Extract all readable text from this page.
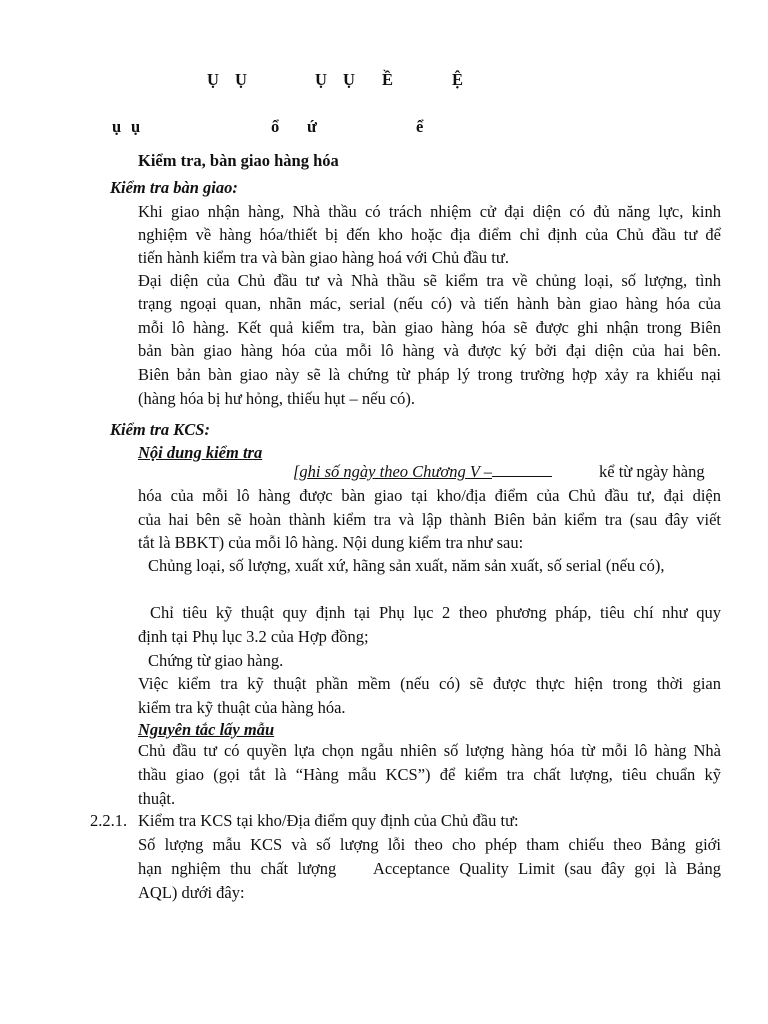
Ụ Ụ	Ụ Ụ Ề	Ệ
ụ ụ	ổ ứ	ể
Kiểm tra, bàn giao hàng hóa
Kiểm tra bàn giao:
Khi giao nhận hàng, Nhà thầu có trách nhiệm cử đại diện có đủ năng lực, kinh
nghiệm về hàng hóa/thiết bị đến kho hoặc địa điểm chỉ định của Chủ đầu tư để
tiến hành kiểm tra và bàn giao hàng hoá với Chủ đầu tư.
Đại diện của Chủ đầu tư và Nhà thầu sẽ kiểm tra về chủng loại, số lượng, tình
trạng ngoại quan, nhãn mác, serial (nếu có) và tiến hành bàn giao hàng hóa của
mỗi lô hàng. Kết quả kiểm tra, bàn giao hàng hóa sẽ được ghi nhận trong Biên
bản bàn giao hàng hóa của mỗi lô hàng và được ký bởi đại diện của hai bên.
Biên bản bàn giao này sẽ là chứng từ pháp lý trong trường hợp xảy ra khiếu nại
(hàng hóa bị hư hỏng, thiếu hụt – nếu có).
Kiểm tra KCS:
Nội dung kiểm tra
[ghi số ngày theo Chương V –	kể từ ngày hàng
hóa của mỗi lô hàng được bàn giao tại kho/địa điểm của Chủ đầu tư, đại diện
của hai bên sẽ hoàn thành kiểm tra và lập thành Biên bản kiểm tra (sau đây viết
tắt là BBKT) của mỗi lô hàng. Nội dung kiểm tra như sau:
Chủng loại, số lượng, xuất xứ, hãng sản xuất, năm sản xuất, số serial (nếu có),
Chỉ tiêu kỹ thuật quy định tại Phụ lục 2 theo phương pháp, tiêu chí như quy
định tại Phụ lục 3.2 của Hợp đồng;
Chứng từ giao hàng.
Việc kiểm tra kỹ thuật phần mềm (nếu có) sẽ được thực hiện trong thời gian
kiểm tra kỹ thuật của hàng hóa.
Nguyên tắc lấy mẫu
Chủ đầu tư có quyền lựa chọn ngẫu nhiên số lượng hàng hóa từ mỗi lô hàng Nhà
thầu giao (gọi tắt là “Hàng mẫu KCS”) để kiểm tra chất lượng, tiêu chuẩn kỹ
thuật.
2.2.1. Kiểm tra KCS tại kho/Địa điểm quy định của Chủ đầu tư:
Số lượng mẫu KCS và số lượng lỗi theo cho phép tham chiếu theo Bảng giới
hạn nghiệm thu chất lượng    Acceptance Quality Limit (sau đây gọi là Bảng
AQL) dưới đây:
